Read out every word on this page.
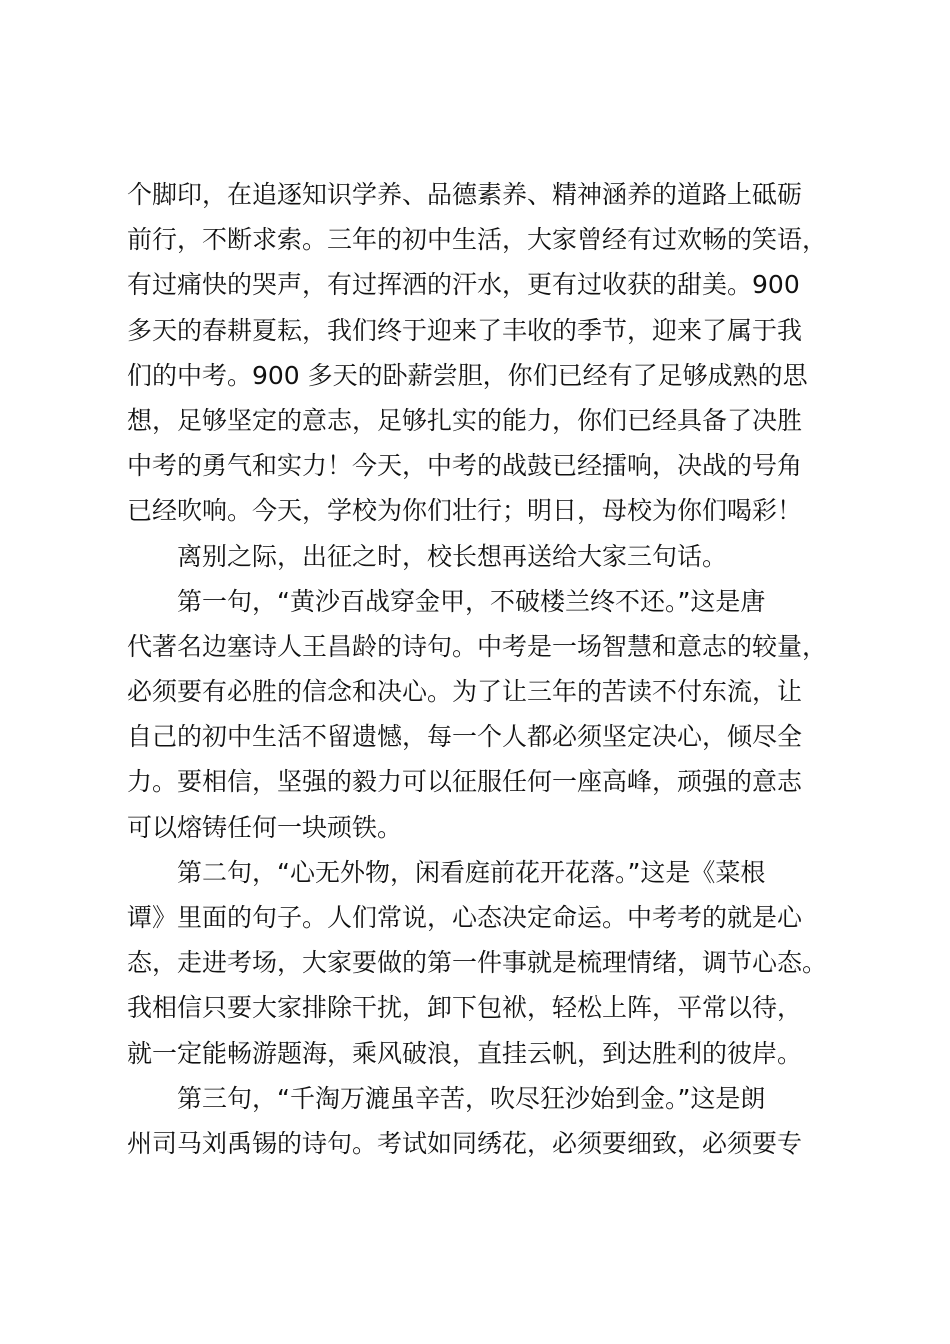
个脚印，在追逐知识学养、品德素养、精神涵养的道路上砥砺
前行，不断求索。三年的初中生活，大家曾经有过欢畅的笑语，
有过痛快的哭声，有过挥洒的汗水，更有过收获的甜美。900
多天的春耕夏耘，我们终于迎来了丰收的季节，迎来了属于我
们的中考。900 多天的卧薪尝胆，你们已经有了足够成熟的思
想，足够坚定的意志，足够扎实的能力，你们已经具备了决胜
中考的勇气和实力！今天，中考的战鼓已经擂响，决战的号角
已经吹响。今天，学校为你们壮行；明日，母校为你们喝彩！
离别之际，出征之时，校长想再送给大家三句话。
第一句，“黄沙百战穿金甲，不破楼兰终不还。”这是唐
代著名边塞诗人王昌龄的诗句。中考是一场智慧和意志的较量，
必须要有必胜的信念和决心。为了让三年的苦读不付东流，让
自己的初中生活不留遗憾，每一个人都必须坚定决心，倾尽全
力。要相信，坚强的毅力可以征服任何一座高峰，顽强的意志
可以熔铸任何一块顽铁。
第二句，“心无外物，闲看庭前花开花落。”这是《菜根
谭》里面的句子。人们常说，心态决定命运。中考考的就是心
态，走进考场，大家要做的第一件事就是梳理情绪，调节心态。
我相信只要大家排除干扰，卸下包袱，轻松上阵，平常以待，
就一定能畅游题海，乘风破浪，直挂云帆，到达胜利的彼岸。
第三句，“千淘万漉虽辛苦，吹尽狂沙始到金。”这是朗
州司马刘禹锡的诗句。考试如同绣花，必须要细致，必须要专
